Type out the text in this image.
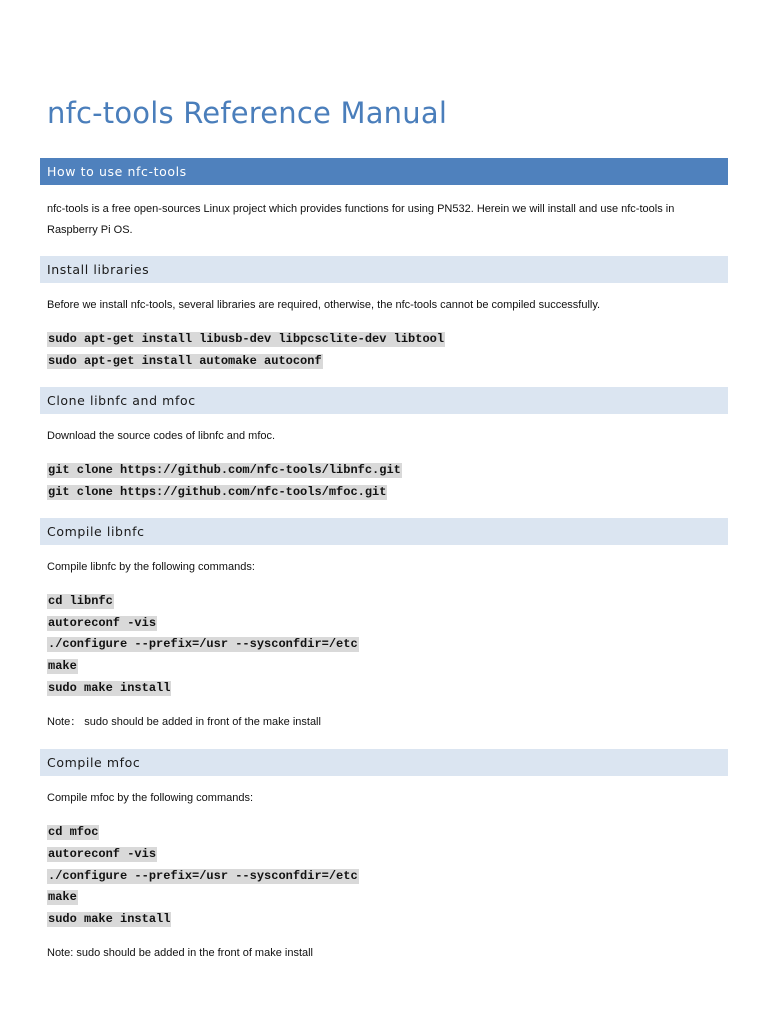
nfc-tools Reference Manual
How to use nfc-tools
nfc-tools is a free open-sources Linux project which provides functions for using PN532. Herein we will install and use nfc-tools in Raspberry Pi OS.
Install libraries
Before we install nfc-tools, several libraries are required, otherwise, the nfc-tools cannot be compiled successfully.
sudo apt-get install libusb-dev libpcsclite-dev libtool
sudo apt-get install automake autoconf
Clone libnfc and mfoc
Download the source codes of libnfc and mfoc.
git clone https://github.com/nfc-tools/libnfc.git
git clone https://github.com/nfc-tools/mfoc.git
Compile libnfc
Compile libnfc by the following commands:
cd libnfc
autoreconf -vis
./configure --prefix=/usr --sysconfdir=/etc
make
sudo make install
Note： sudo should be added in front of the make install
Compile mfoc
Compile mfoc by the following commands:
cd mfoc
autoreconf -vis
./configure --prefix=/usr --sysconfdir=/etc
make
sudo make install
Note: sudo should be added in the front of make install
